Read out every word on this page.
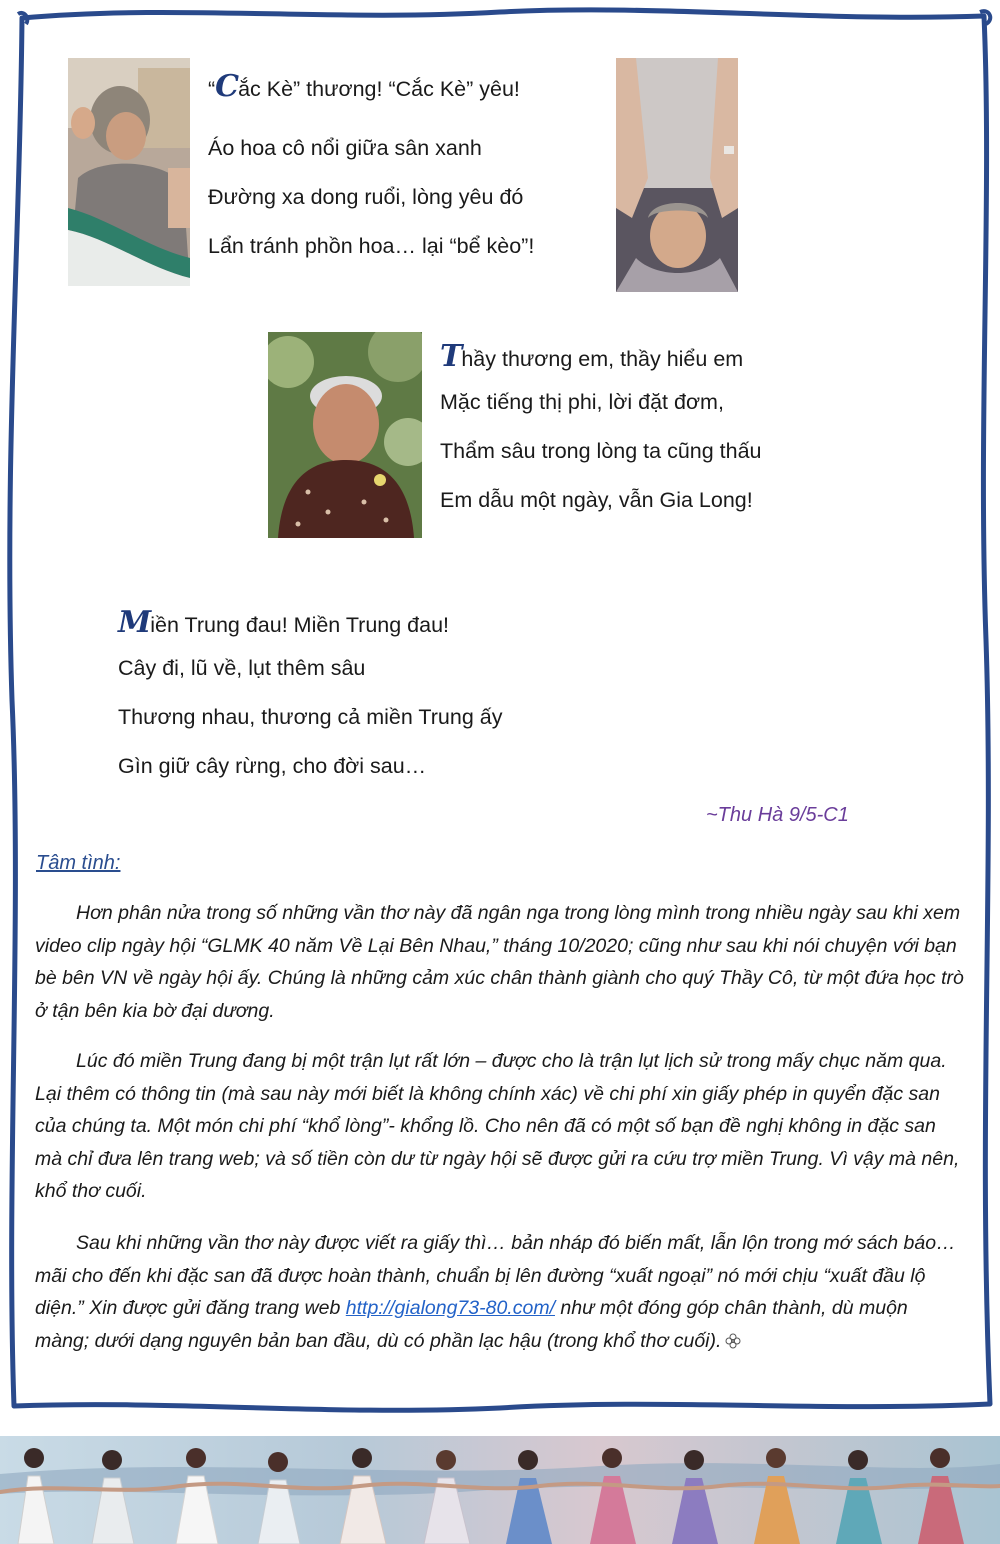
“Cắc Kè” thương! “Cắc Kè” yêu!
Áo hoa cô nổi giữa sân xanh
Đường xa dong ruổi, lòng yêu đó
Lẩn tránh phồn hoa… lại “bể kèo”!
Thầy thương em, thầy hiểu em
Mặc tiếng thị phi, lời đặt đơm,
Thẩm sâu trong lòng ta cũng thấu
Em dẫu một ngày, vẫn Gia Long!
Miền Trung đau! Miền Trung đau!
Cây đi, lũ về, lụt thêm sâu
Thương nhau, thương cả miền Trung ấy
Gìn giữ cây rừng, cho đời sau…
~Thu Hà 9/5-C1
Tâm tình:

Hơn phân nửa trong số những vần thơ này đã ngân nga trong lòng mình trong nhiều ngày sau khi xem video clip ngày hội “GLMK 40 năm Về Lại Bên Nhau,” tháng 10/2020; cũng như sau khi nói chuyện với bạn bè bên VN về ngày hội ấy. Chúng là những cảm xúc chân thành giành cho quý Thầy Cô, từ một đứa học trò ở tận bên kia bờ đại dương.

Lúc đó miền Trung đang bị một trận lụt rất lớn – được cho là trận lụt lịch sử trong mấy chục năm qua. Lại thêm có thông tin (mà sau này mới biết là không chính xác) về chi phí xin giấy phép in quyển đặc san của chúng ta. Một món chi phí “khổ lòng”- khổng lồ. Cho nên đã có một số bạn đề nghị không in đặc san mà chỉ đưa lên trang web; và số tiền còn dư từ ngày hội sẽ được gửi ra cứu trợ miền Trung. Vì vậy mà nên, khổ thơ cuối.

Sau khi những vần thơ này được viết ra giấy thì… bản nháp đó biến mất, lẫn lộn trong mớ sách báo… mãi cho đến khi đặc san đã được hoàn thành, chuẩn bị lên đường “xuất ngoại” nó mới chịu “xuất đầu lộ diện.” Xin được gửi đăng trang web http://gialong73-80.com/ như một đóng góp chân thành, dù muộn màng; dưới dạng nguyên bản ban đầu, dù có phần lạc hậu (trong khổ thơ cuối).
